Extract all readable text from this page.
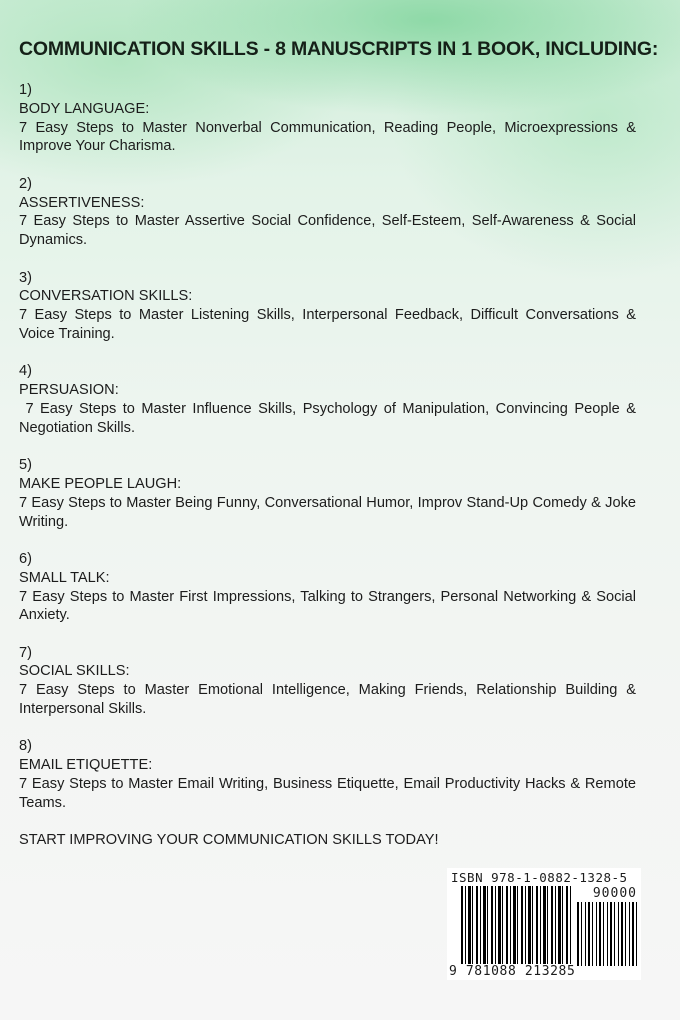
COMMUNICATION SKILLS - 8 MANUSCRIPTS IN 1 BOOK, INCLUDING:
1)
BODY LANGUAGE:
7 Easy Steps to Master Nonverbal Communication, Reading People, Microexpressions & Improve Your Charisma.
2)
ASSERTIVENESS:
7 Easy Steps to Master Assertive Social Confidence, Self-Esteem, Self-Awareness & Social Dynamics.
3)
CONVERSATION SKILLS:
7 Easy Steps to Master Listening Skills, Interpersonal Feedback, Difficult Conversations & Voice Training.
4)
PERSUASION:
7 Easy Steps to Master Influence Skills, Psychology of Manipulation, Convincing People & Negotiation Skills.
5)
MAKE PEOPLE LAUGH:
7 Easy Steps to Master Being Funny, Conversational Humor, Improv Stand-Up Comedy & Joke Writing.
6)
SMALL TALK:
7 Easy Steps to Master First Impressions, Talking to Strangers, Personal Networking & Social Anxiety.
7)
SOCIAL SKILLS:
7 Easy Steps to Master Emotional Intelligence, Making Friends, Relationship Building & Interpersonal Skills.
8)
EMAIL ETIQUETTE:
7 Easy Steps to Master Email Writing, Business Etiquette, Email Productivity Hacks & Remote Teams.
START IMPROVING YOUR COMMUNICATION SKILLS TODAY!
ISBN 978-1-0882-1328-5
90000
9 781088 213285
